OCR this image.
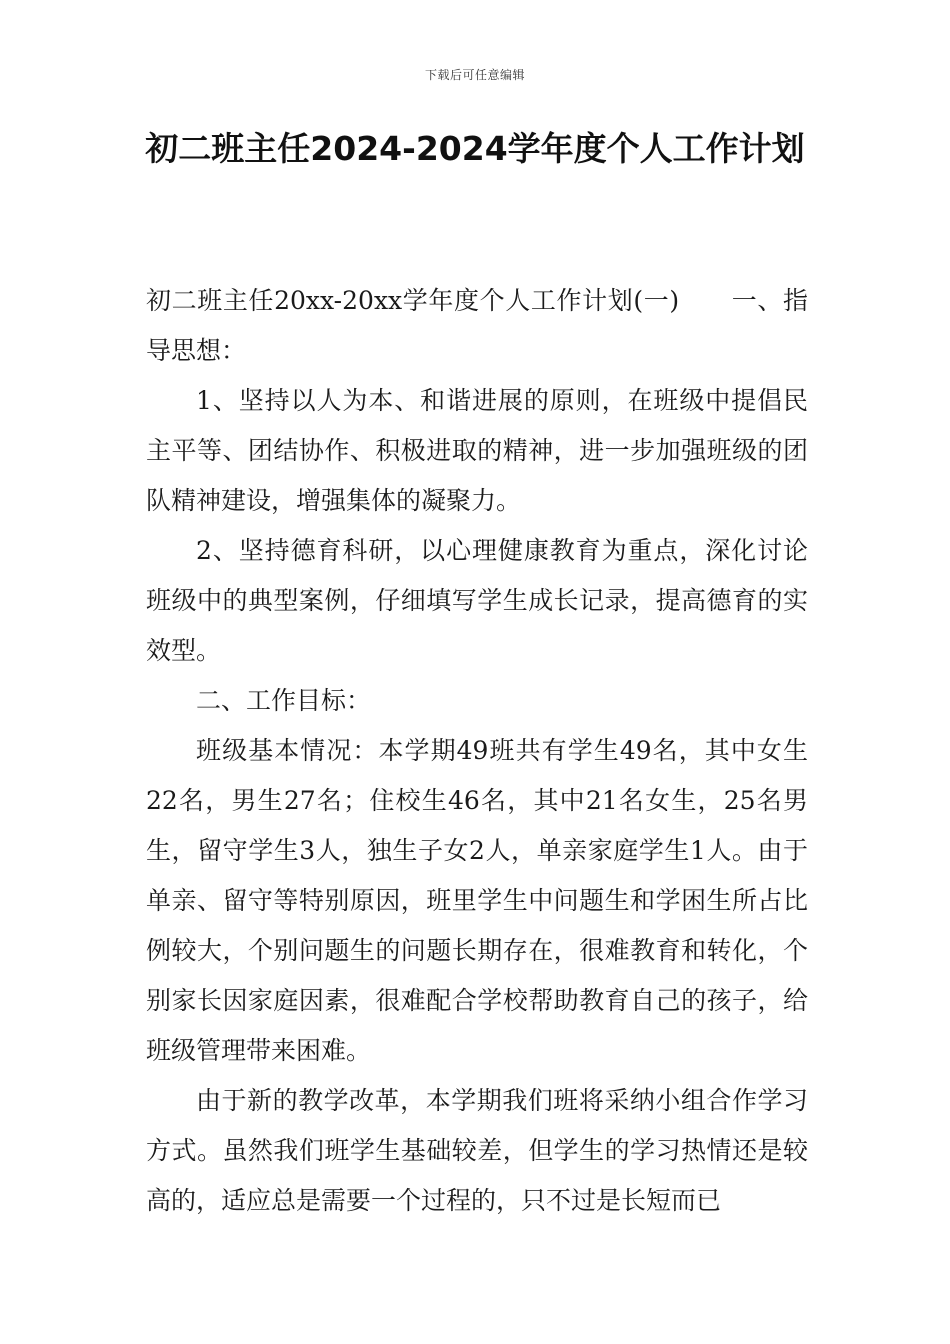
下载后可任意编辑
初二班主任2024-2024学年度个人工作计划

初二班主任20xx-20xx学年度个人工作计划(一) 一、指导思想：

1、坚持以人为本、和谐进展的原则，在班级中提倡民主平等、团结协作、积极进取的精神，进一步加强班级的团队精神建设，增强集体的凝聚力。

2、坚持德育科研，以心理健康教育为重点，深化讨论班级中的典型案例，仔细填写学生成长记录，提高德育的实效型。

二、工作目标：

班级基本情况：本学期49班共有学生49名，其中女生22名，男生27名；住校生46名，其中21名女生，25名男生，留守学生3人，独生子女2人，单亲家庭学生1人。由于单亲、留守等特别原因，班里学生中问题生和学困生所占比例较大，个别问题生的问题长期存在，很难教育和转化，个别家长因家庭因素，很难配合学校帮助教育自己的孩子，给班级管理带来困难。

由于新的教学改革，本学期我们班将采纳小组合作学习方式。虽然我们班学生基础较差，但学生的学习热情还是较高的，适应总是需要一个过程的，只不过是长短而已
